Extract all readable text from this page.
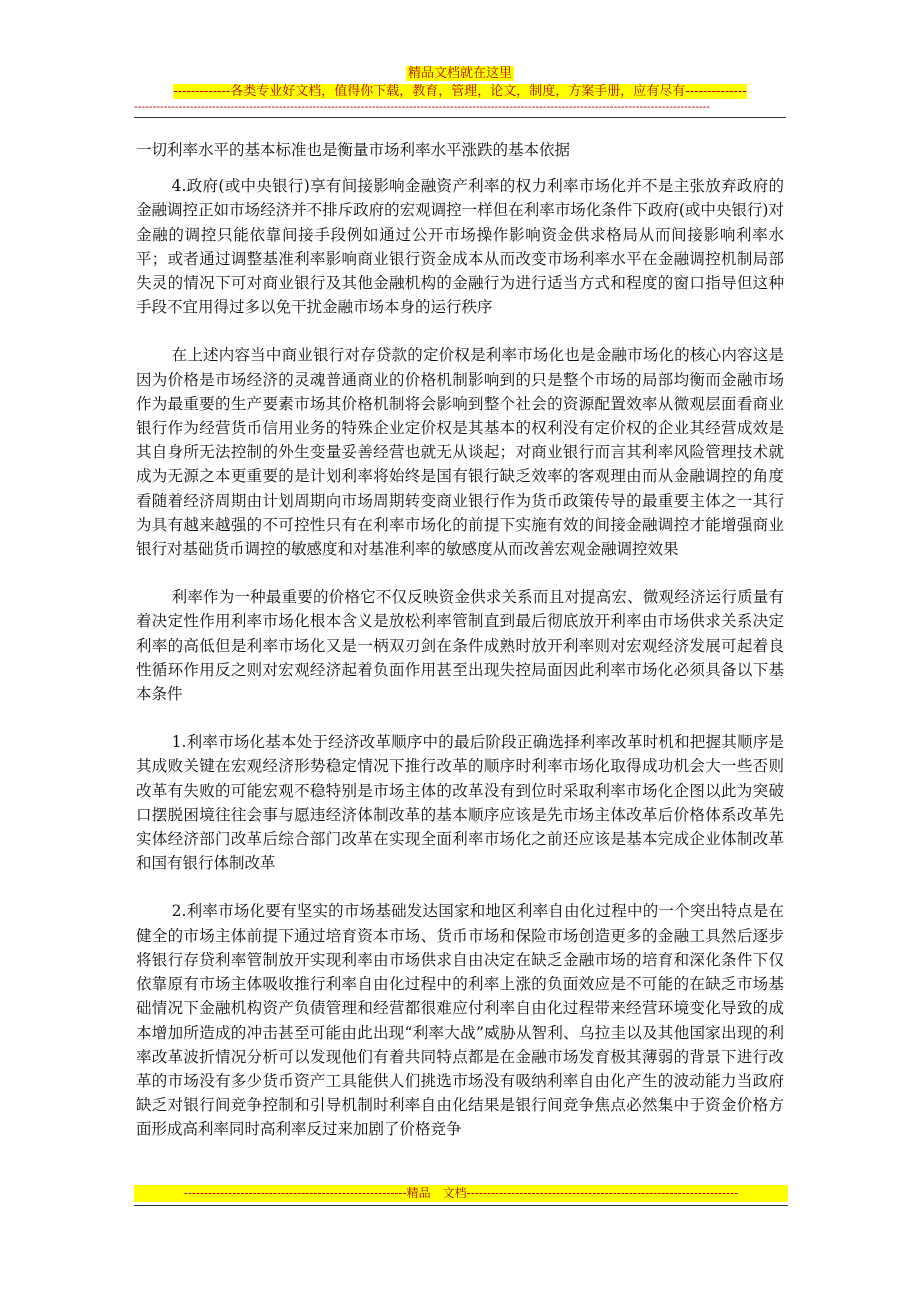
精品文档就在这里
-------------各类专业好文档，值得你下载，教育，管理，论文，制度，方案手册，应有尽有--------------
-----------------------------------------------------------------------------------------------------------------------------------------------------------

一切利率水平的基本标准也是衡量市场利率水平涨跌的基本依据

4.政府(或中央银行)享有间接影响金融资产利率的权力利率市场化并不是主张放弃政府的金融调控正如市场经济并不排斥政府的宏观调控一样但在利率市场化条件下政府(或中央银行)对金融的调控只能依靠间接手段例如通过公开市场操作影响资金供求格局从而间接影响利率水平；或者通过调整基准利率影响商业银行资金成本从而改变市场利率水平在金融调控机制局部失灵的情况下可对商业银行及其他金融机构的金融行为进行适当方式和程度的窗口指导但这种手段不宜用得过多以免干扰金融市场本身的运行秩序

在上述内容当中商业银行对存贷款的定价权是利率市场化也是金融市场化的核心内容这是因为价格是市场经济的灵魂普通商业的价格机制影响到的只是整个市场的局部均衡而金融市场作为最重要的生产要素市场其价格机制将会影响到整个社会的资源配置效率从微观层面看商业银行作为经营货币信用业务的特殊企业定价权是其基本的权利没有定价权的企业其经营成效是其自身所无法控制的外生变量妥善经营也就无从谈起；对商业银行而言其利率风险管理技术就成为无源之本更重要的是计划利率将始终是国有银行缺乏效率的客观理由而从金融调控的角度看随着经济周期由计划周期向市场周期转变商业银行作为货币政策传导的最重要主体之一其行为具有越来越强的不可控性只有在利率市场化的前提下实施有效的间接金融调控才能增强商业银行对基础货币调控的敏感度和对基准利率的敏感度从而改善宏观金融调控效果

利率作为一种最重要的价格它不仅反映资金供求关系而且对提高宏、微观经济运行质量有着决定性作用利率市场化根本含义是放松利率管制直到最后彻底放开利率由市场供求关系决定利率的高低但是利率市场化又是一柄双刃剑在条件成熟时放开利率则对宏观经济发展可起着良性循环作用反之则对宏观经济起着负面作用甚至出现失控局面因此利率市场化必须具备以下基本条件

1.利率市场化基本处于经济改革顺序中的最后阶段正确选择利率改革时机和把握其顺序是其成败关键在宏观经济形势稳定情况下推行改革的顺序时利率市场化取得成功机会大一些否则改革有失败的可能宏观不稳特别是市场主体的改革没有到位时采取利率市场化企图以此为突破口摆脱困境往往会事与愿违经济体制改革的基本顺序应该是先市场主体改革后价格体系改革先实体经济部门改革后综合部门改革在实现全面利率市场化之前还应该是基本完成企业体制改革和国有银行体制改革

2.利率市场化要有坚实的市场基础发达国家和地区利率自由化过程中的一个突出特点是在健全的市场主体前提下通过培育资本市场、货币市场和保险市场创造更多的金融工具然后逐步将银行存贷利率管制放开实现利率由市场供求自由决定在缺乏金融市场的培育和深化条件下仅依靠原有市场主体吸收推行利率自由化过程中的利率上涨的负面效应是不可能的在缺乏市场基础情况下金融机构资产负债管理和经营都很难应付利率自由化过程带来经营环境变化导致的成本增加所造成的冲击甚至可能由此出现“利率大战”威胁从智利、乌拉圭以及其他国家出现的利率改革波折情况分析可以发现他们有着共同特点都是在金融市场发育极其薄弱的背景下进行改革的市场没有多少货币资产工具能供人们挑选市场没有吸纳利率自由化产生的波动能力当政府缺乏对银行间竞争控制和引导机制时利率自由化结果是银行间竞争焦点必然集中于资金价格方面形成高利率同时高利率反过来加剧了价格竞争

-------------------------------------------------------精品　文档-------------------------------------------------------------------
